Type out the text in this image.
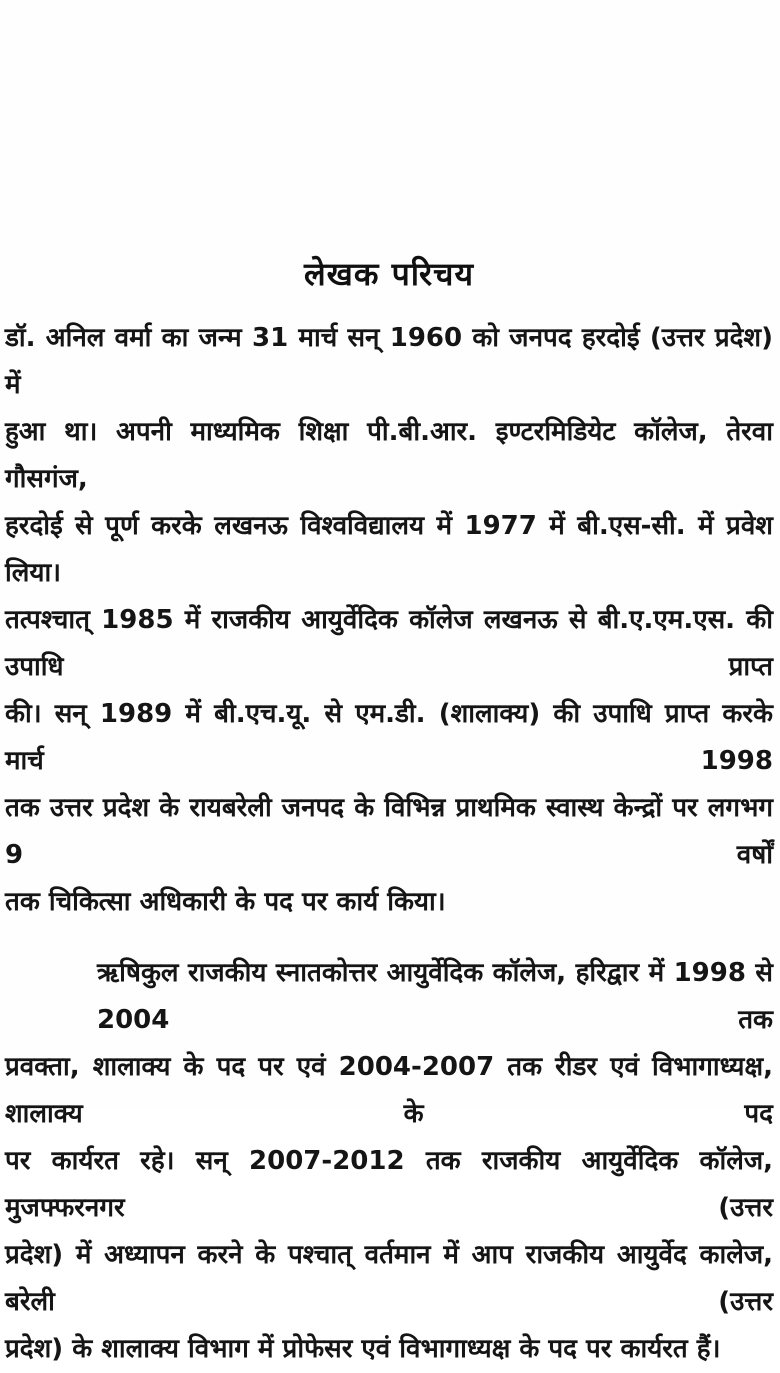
लेखक परिचय
डॉ. अनिल वर्मा का जन्म 31 मार्च सन् 1960 को जनपद हरदोई (उत्तर प्रदेश) में
हुआ था। अपनी माध्यमिक शिक्षा पी.बी.आर. इण्टरमिडियेट कॉलेज, तेरवा गौसगंज,
हरदोई से पूर्ण करके लखनऊ विश्वविद्यालय में 1977 में बी.एस-सी. में प्रवेश लिया।
तत्पश्चात् 1985 में राजकीय आयुर्वेदिक कॉलेज लखनऊ से बी.ए.एम.एस. की उपाधि प्राप्त
की। सन् 1989 में बी.एच.यू. से एम.डी. (शालाक्य) की उपाधि प्राप्त करके मार्च 1998
तक उत्तर प्रदेश के रायबरेली जनपद के विभिन्न प्राथमिक स्वास्थ केन्द्रों पर लगभग 9 वर्षों
तक चिकित्सा अधिकारी के पद पर कार्य किया।
ऋषिकुल राजकीय स्नातकोत्तर आयुर्वेदिक कॉलेज, हरिद्वार में 1998 से 2004 तक
प्रवक्ता, शालाक्य के पद पर एवं 2004-2007 तक रीडर एवं विभागाध्यक्ष, शालाक्य के पद
पर कार्यरत रहे। सन् 2007-2012 तक राजकीय आयुर्वेदिक कॉलेज, मुजफ्फरनगर (उत्तर
प्रदेश) में अध्यापन करने के पश्चात् वर्तमान में आप राजकीय आयुर्वेद कालेज, बरेली (उत्तर
प्रदेश) के शालाक्य विभाग में प्रोफेसर एवं विभागाध्यक्ष के पद पर कार्यरत हैं।
